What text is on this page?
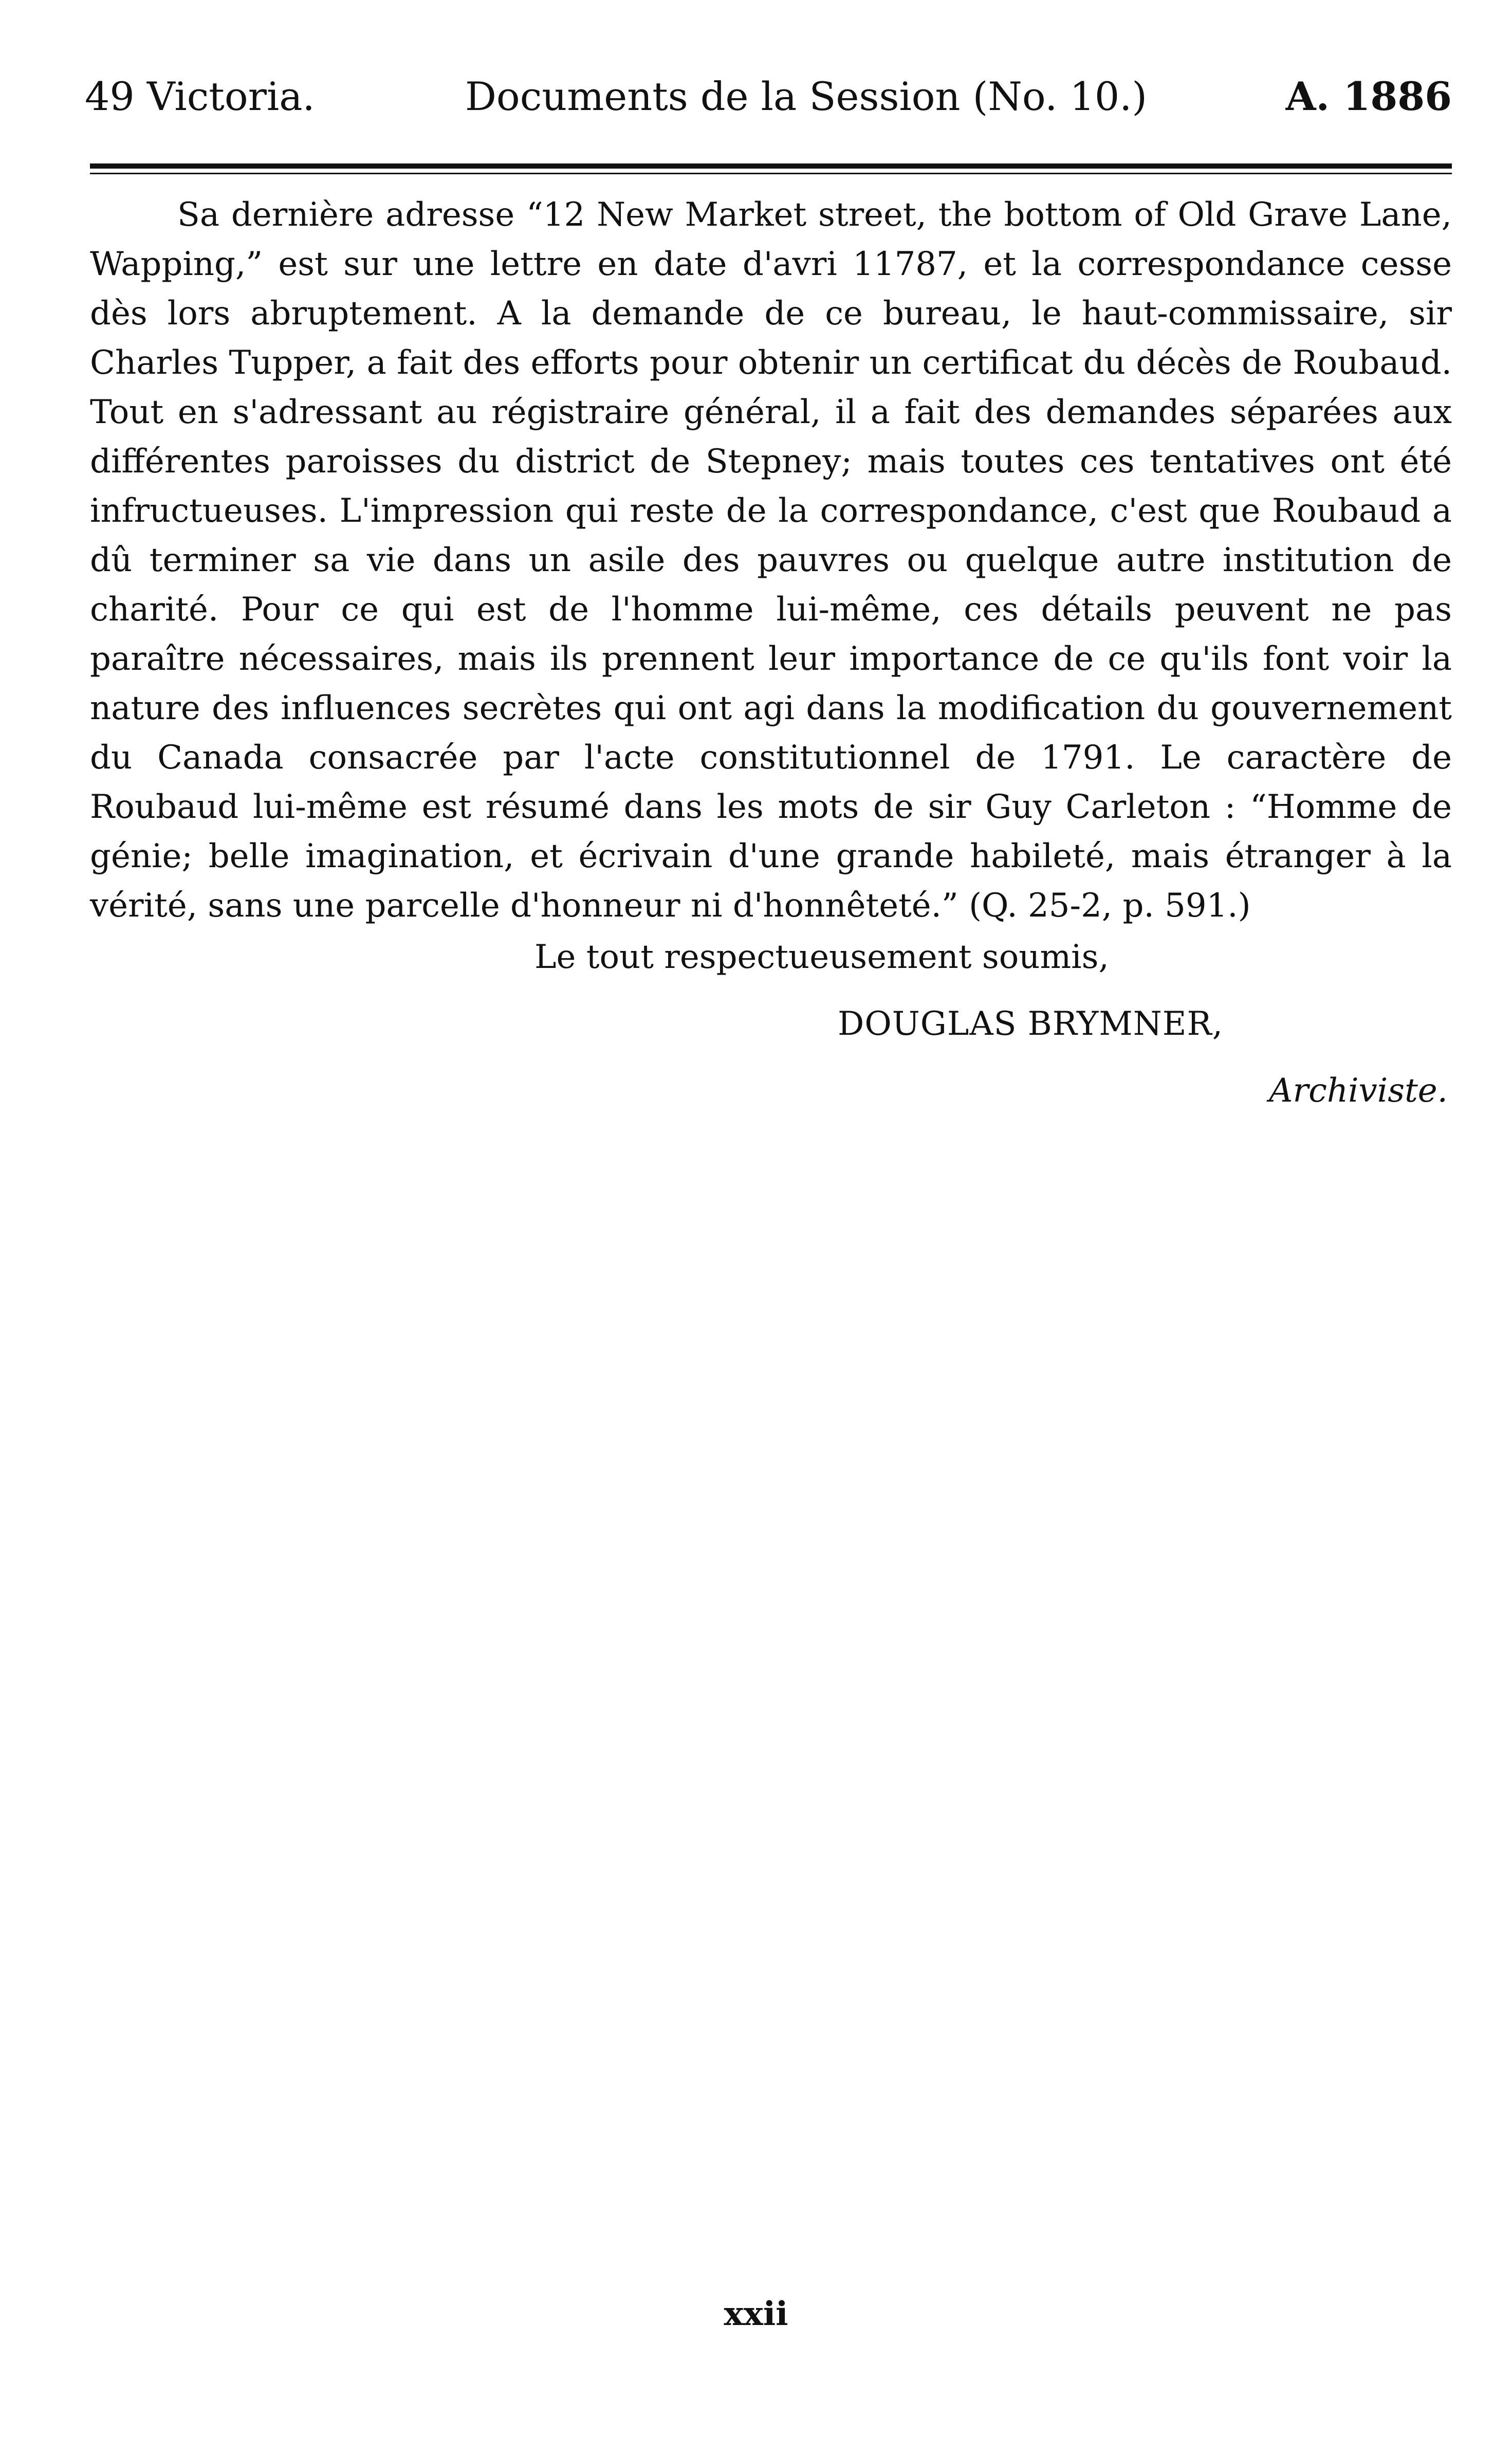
49 Victoria.	Documents de la Session (No. 10.)	A. 1886

Sa dernière adresse “12 New Market street, the bottom of Old Grave Lane, Wapping,” est sur une lettre en date d'avri 11787, et la correspondance cesse dès lors abruptement. A la demande de ce bureau, le haut-commissaire, sir Charles Tupper, a fait des efforts pour obtenir un certificat du décès de Roubaud. Tout en s'adressant au régistraire général, il a fait des demandes séparées aux différentes paroisses du district de Stepney; mais toutes ces tentatives ont été infructueuses. L'impression qui reste de la correspondance, c'est que Roubaud a dû terminer sa vie dans un asile des pauvres ou quelque autre institution de charité. Pour ce qui est de l'homme lui-même, ces détails peuvent ne pas paraître nécessaires, mais ils prennent leur importance de ce qu'ils font voir la nature des influences secrètes qui ont agi dans la modification du gouvernement du Canada consacrée par l'acte constitutionnel de 1791. Le caractère de Roubaud lui-même est résumé dans les mots de sir Guy Carleton : “Homme de génie; belle imagination, et écrivain d'une grande habileté, mais étranger à la vérité, sans une parcelle d'honneur ni d'honnêteté.” (Q. 25-2, p. 591.)

Le tout respectueusement soumis,
DOUGLAS BRYMNER,
Archiviste.
xxii
